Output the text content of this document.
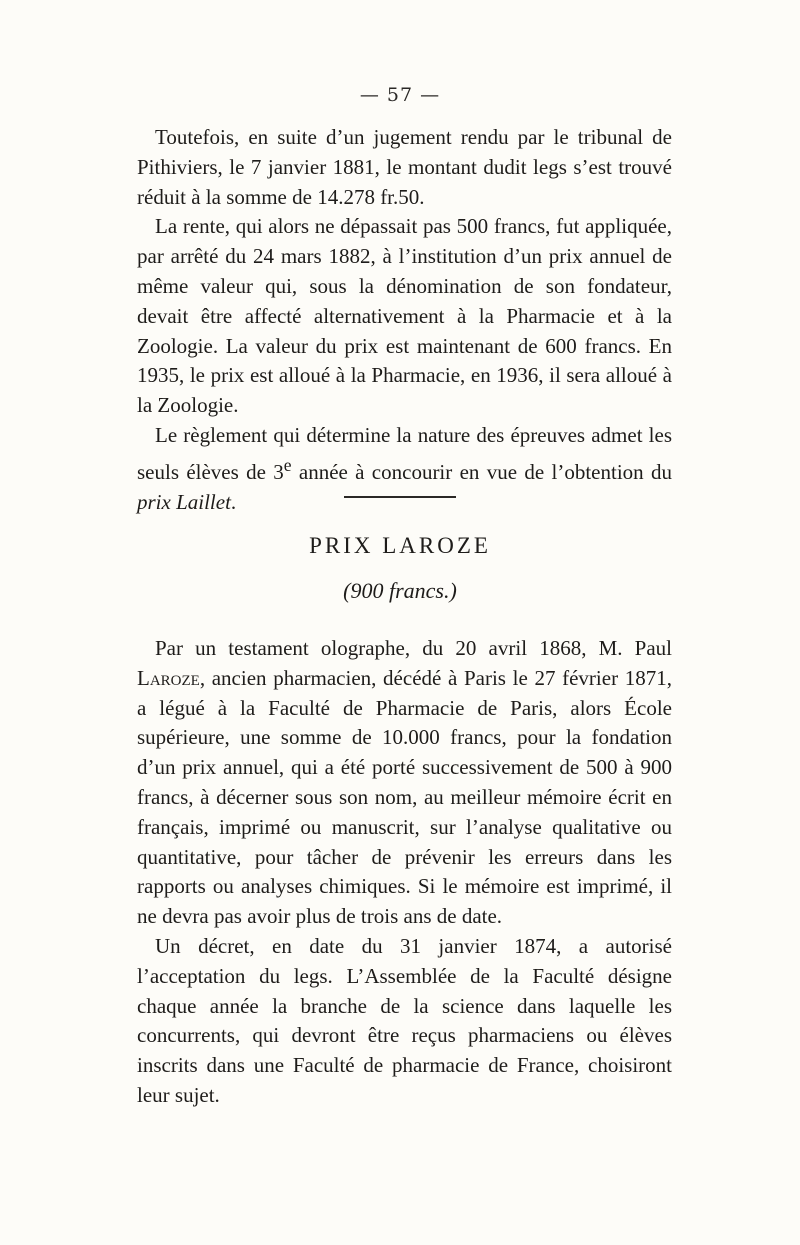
— 57 —

Toutefois, en suite d’un jugement rendu par le tribunal de Pithiviers, le 7 janvier 1881, le montant dudit legs s’est trouvé réduit à la somme de 14.278 fr.50.

La rente, qui alors ne dépassait pas 500 francs, fut appliquée, par arrêté du 24 mars 1882, à l’institution d’un prix annuel de même valeur qui, sous la dénomination de son fondateur, devait être affecté alternativement à la Pharmacie et à la Zoologie. La valeur du prix est maintenant de 600 francs. En 1935, le prix est alloué à la Pharmacie, en 1936, il sera alloué à la Zoologie.

Le règlement qui détermine la nature des épreuves admet les seuls élèves de 3e année à concourir en vue de l’obtention du prix Laillet.

PRIX LAROZE
(900 francs.)

Par un testament olographe, du 20 avril 1868, M. Paul Laroze, ancien pharmacien, décédé à Paris le 27 février 1871, a légué à la Faculté de Pharmacie de Paris, alors École supérieure, une somme de 10.000 francs, pour la fondation d’un prix annuel, qui a été porté successivement de 500 à 900 francs, à décerner sous son nom, au meilleur mémoire écrit en français, imprimé ou manuscrit, sur l’analyse qualitative ou quantitative, pour tâcher de prévenir les erreurs dans les rapports ou analyses chimiques. Si le mémoire est imprimé, il ne devra pas avoir plus de trois ans de date.

Un décret, en date du 31 janvier 1874, a autorisé l’acceptation du legs. L’Assemblée de la Faculté désigne chaque année la branche de la science dans laquelle les concurrents, qui devront être reçus pharmaciens ou élèves inscrits dans une Faculté de pharmacie de France, choisiront leur sujet.
